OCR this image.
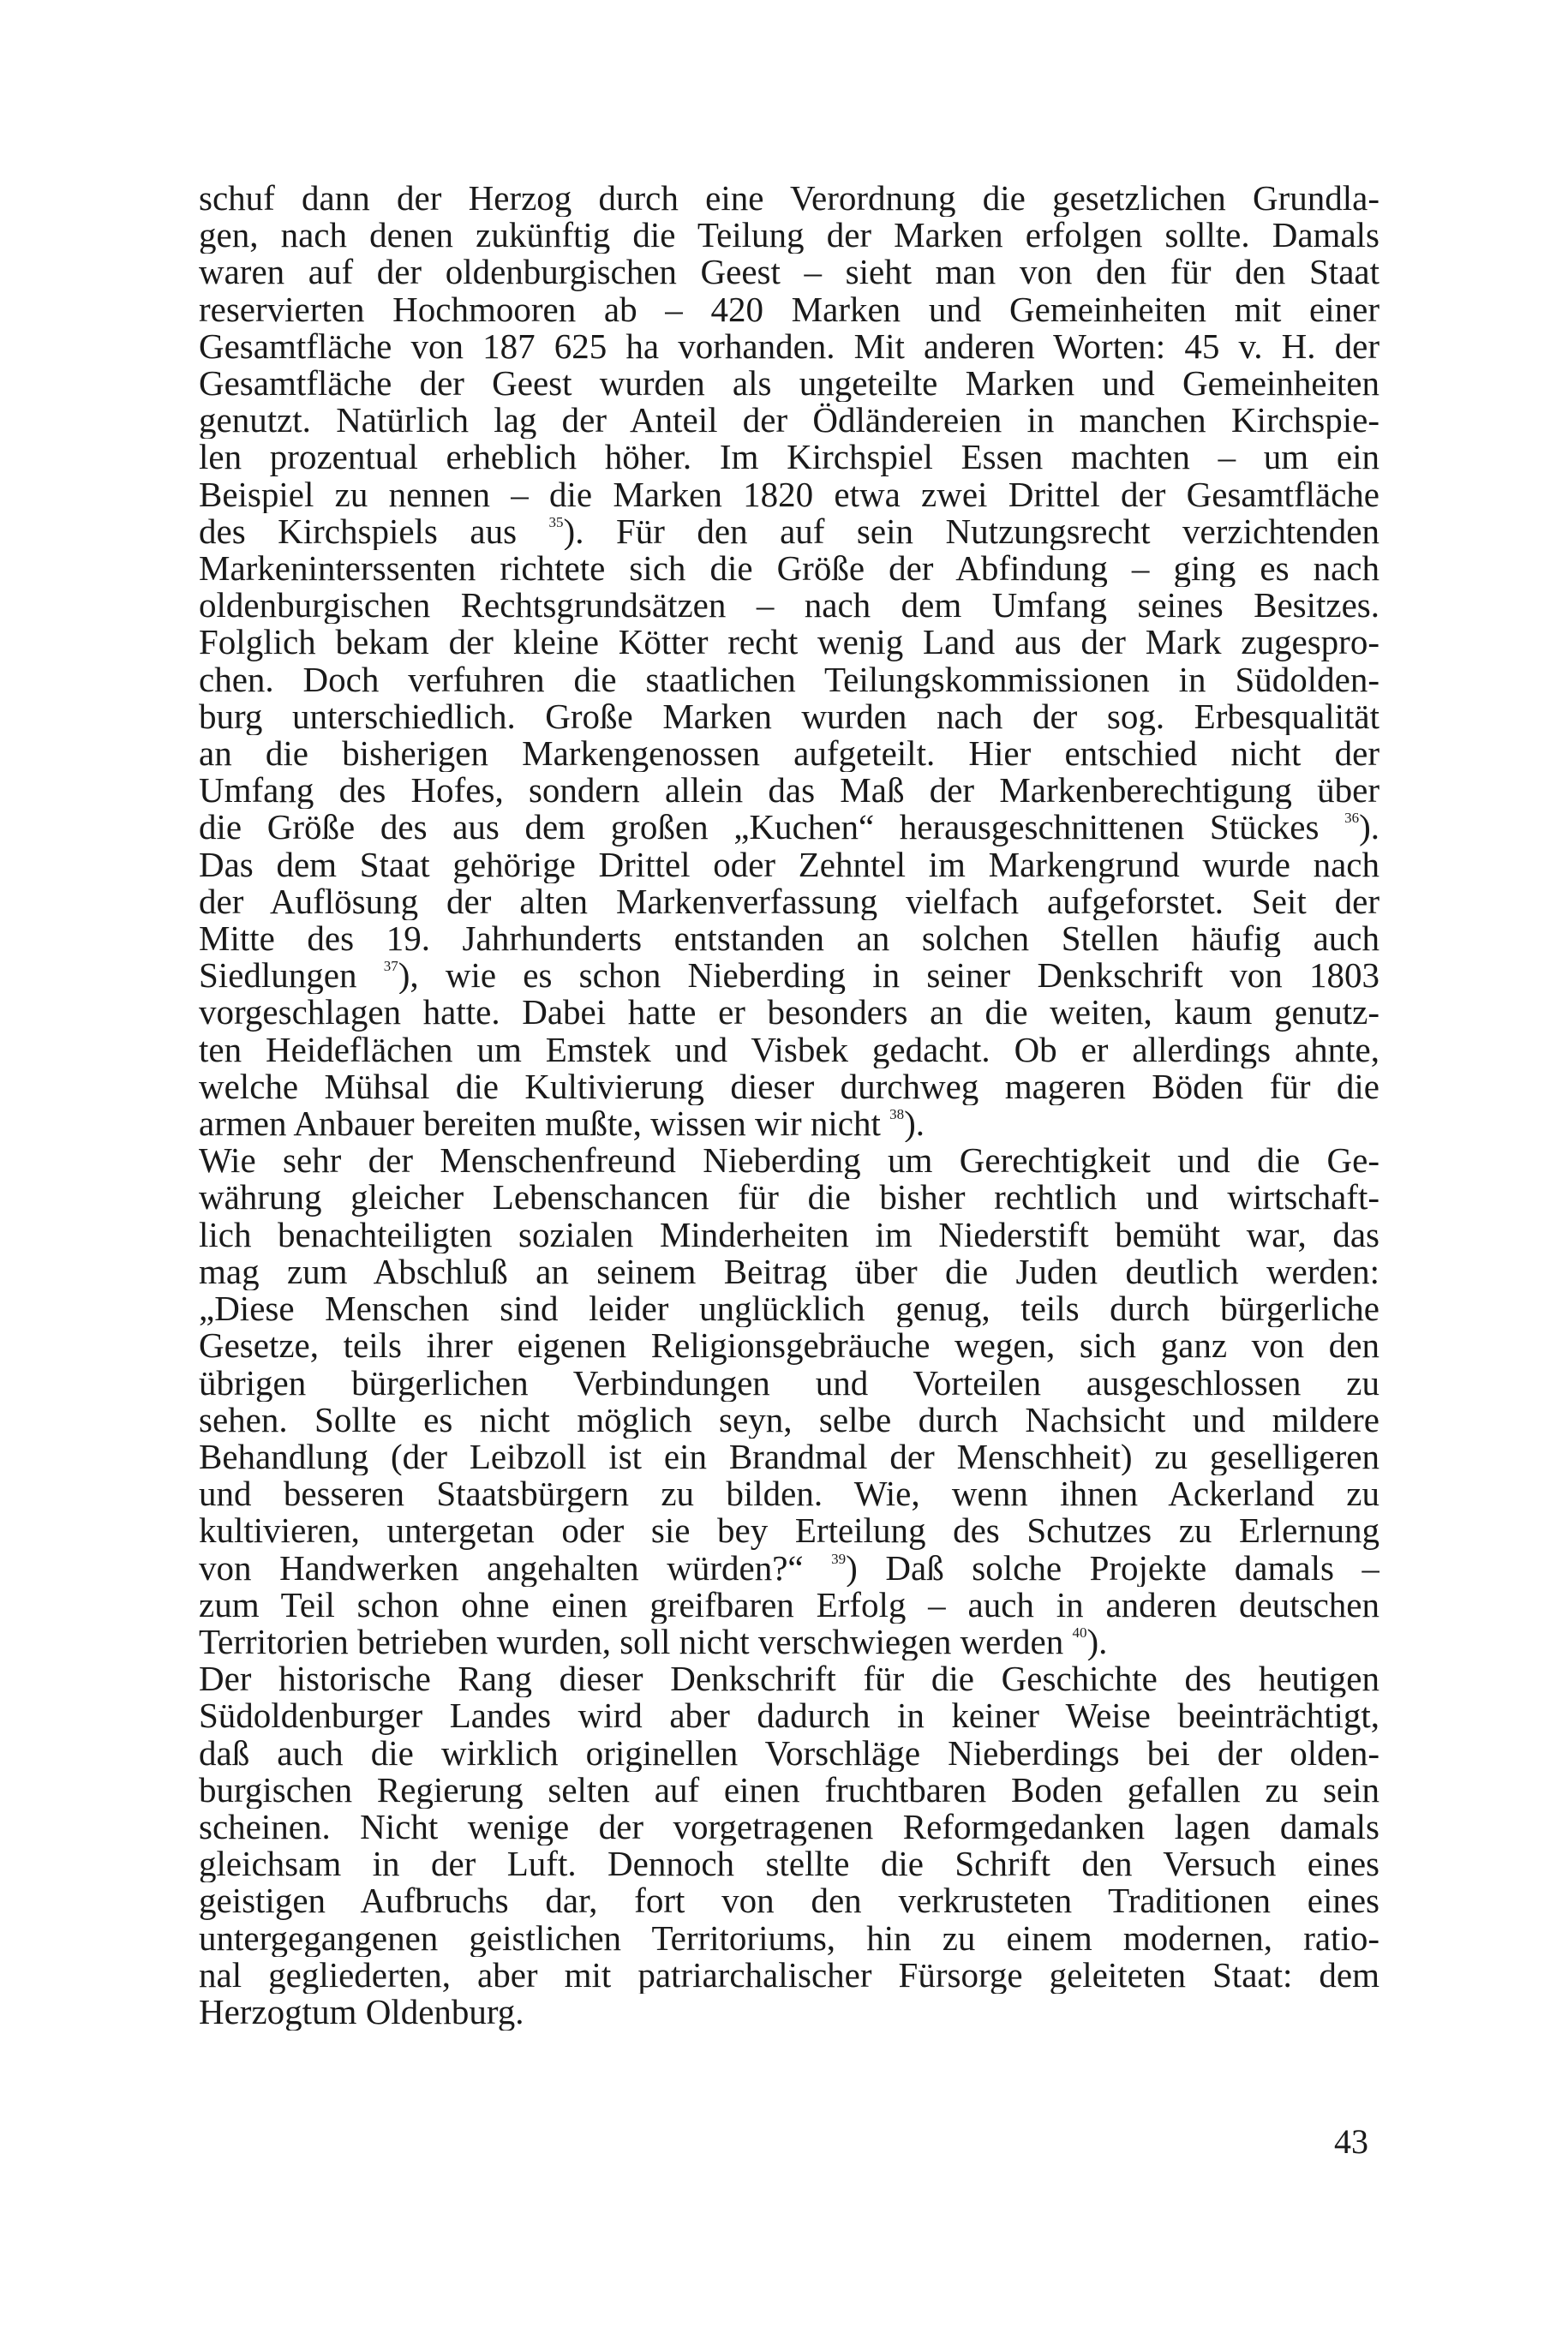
schuf dann der Herzog durch eine Verordnung die gesetzlichen Grundla-
gen, nach denen zukünftig die Teilung der Marken erfolgen sollte. Damals
waren auf der oldenburgischen Geest – sieht man von den für den Staat
reservierten Hochmooren ab – 420 Marken und Gemeinheiten mit einer
Gesamtfläche von 187 625 ha vorhanden. Mit anderen Worten: 45 v. H. der
Gesamtfläche der Geest wurden als ungeteilte Marken und Gemeinheiten
genutzt. Natürlich lag der Anteil der Ödländereien in manchen Kirchspie-
len prozentual erheblich höher. Im Kirchspiel Essen machten – um ein
Beispiel zu nennen – die Marken 1820 etwa zwei Drittel der Gesamtfläche
des Kirchspiels aus $^{35}$). Für den auf sein Nutzungsrecht verzichtenden
Markeninterssenten richtete sich die Größe der Abfindung – ging es nach
oldenburgischen Rechtsgrundsätzen – nach dem Umfang seines Besitzes.
Folglich bekam der kleine Kötter recht wenig Land aus der Mark zugespro-
chen. Doch verfuhren die staatlichen Teilungskommissionen in Südolden-
burg unterschiedlich. Große Marken wurden nach der sog. Erbesqualität
an die bisherigen Markengenossen aufgeteilt. Hier entschied nicht der
Umfang des Hofes, sondern allein das Maß der Markenberechtigung über
die Größe des aus dem großen „Kuchen“ herausgeschnittenen Stückes $^{36}$).
Das dem Staat gehörige Drittel oder Zehntel im Markengrund wurde nach
der Auflösung der alten Markenverfassung vielfach aufgeforstet. Seit der
Mitte des 19. Jahrhunderts entstanden an solchen Stellen häufig auch
Siedlungen $^{37}$), wie es schon Nieberding in seiner Denkschrift von 1803
vorgeschlagen hatte. Dabei hatte er besonders an die weiten, kaum genutz-
ten Heideflächen um Emstek und Visbek gedacht. Ob er allerdings ahnte,
welche Mühsal die Kultivierung dieser durchweg mageren Böden für die
armen Anbauer bereiten mußte, wissen wir nicht $^{38}$).
Wie sehr der Menschenfreund Nieberding um Gerechtigkeit und die Ge-
währung gleicher Lebenschancen für die bisher rechtlich und wirtschaft-
lich benachteiligten sozialen Minderheiten im Niederstift bemüht war, das
mag zum Abschluß an seinem Beitrag über die Juden deutlich werden:
„Diese Menschen sind leider unglücklich genug, teils durch bürgerliche
Gesetze, teils ihrer eigenen Religionsgebräuche wegen, sich ganz von den
übrigen bürgerlichen Verbindungen und Vorteilen ausgeschlossen zu
sehen. Sollte es nicht möglich seyn, selbe durch Nachsicht und mildere
Behandlung (der Leibzoll ist ein Brandmal der Menschheit) zu geselligeren
und besseren Staatsbürgern zu bilden. Wie, wenn ihnen Ackerland zu
kultivieren, untergetan oder sie bey Erteilung des Schutzes zu Erlernung
von Handwerken angehalten würden?“ $^{39}$) Daß solche Projekte damals –
zum Teil schon ohne einen greifbaren Erfolg – auch in anderen deutschen
Territorien betrieben wurden, soll nicht verschwiegen werden $^{40}$).
Der historische Rang dieser Denkschrift für die Geschichte des heutigen
Südoldenburger Landes wird aber dadurch in keiner Weise beeinträchtigt,
daß auch die wirklich originellen Vorschläge Nieberdings bei der olden-
burgischen Regierung selten auf einen fruchtbaren Boden gefallen zu sein
scheinen. Nicht wenige der vorgetragenen Reformgedanken lagen damals
gleichsam in der Luft. Dennoch stellte die Schrift den Versuch eines
geistigen Aufbruchs dar, fort von den verkrusteten Traditionen eines
untergegangenen geistlichen Territoriums, hin zu einem modernen, ratio-
nal gegliederten, aber mit patriarchalischer Fürsorge geleiteten Staat: dem
Herzogtum Oldenburg.
43
